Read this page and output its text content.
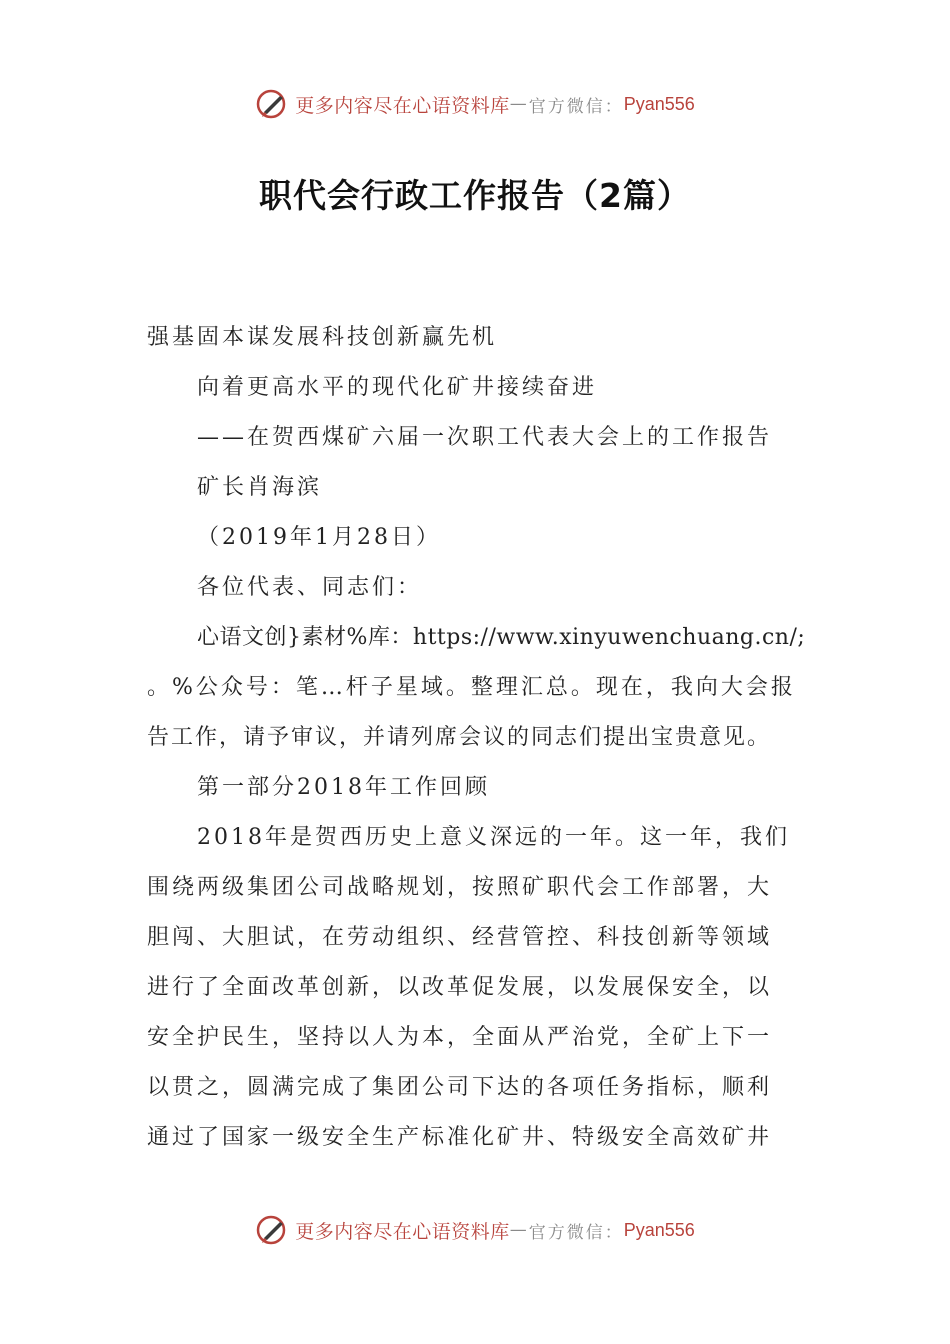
更多内容尽在心语资料库 — 官方微信： Pyan556
职代会行政工作报告（2篇）
强基固本谋发展科技创新赢先机
向着更高水平的现代化矿井接续奋进
——在贺西煤矿六届一次职工代表大会上的工作报告
矿长肖海滨
（2019年1月28日）
各位代表、同志们：
心语文创}素材%库：https://www.xinyuwenchuang.cn/;
。%公众号：笔…杆子星域。整理汇总。现在，我向大会报
告工作，请予审议，并请列席会议的同志们提出宝贵意见。
第一部分2018年工作回顾
2018年是贺西历史上意义深远的一年。这一年，我们
围绕两级集团公司战略规划，按照矿职代会工作部署，大
胆闯、大胆试，在劳动组织、经营管控、科技创新等领域
进行了全面改革创新，以改革促发展，以发展保安全，以
安全护民生，坚持以人为本，全面从严治党，全矿上下一
以贯之，圆满完成了集团公司下达的各项任务指标，顺利
通过了国家一级安全生产标准化矿井、特级安全高效矿井
更多内容尽在心语资料库 — 官方微信： Pyan556
